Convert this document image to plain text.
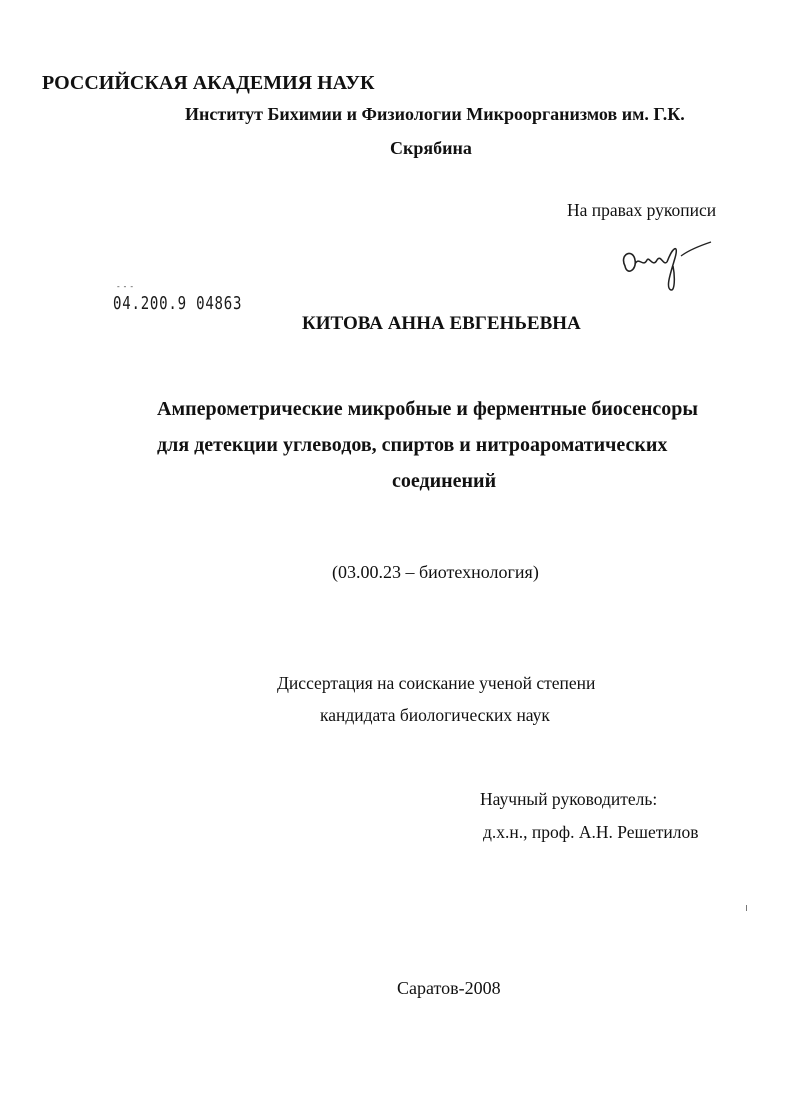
РОССИЙСКАЯ АКАДЕМИЯ НАУК
Институт Бихимии и Физиологии Микроорганизмов им. Г.К.
Скрябина
На правах рукописи
- - -
04.200.9 04863
КИТОВА АННА ЕВГЕНЬЕВНА
Амперометрические микробные и ферментные биосенсоры
для детекции углеводов, спиртов и нитроароматических
соединений
(03.00.23 – биотехнология)
Диссертация на соискание ученой степени
кандидата биологических наук
Научный руководитель:
д.х.н., проф. А.Н. Решетилов
Саратов-2008
